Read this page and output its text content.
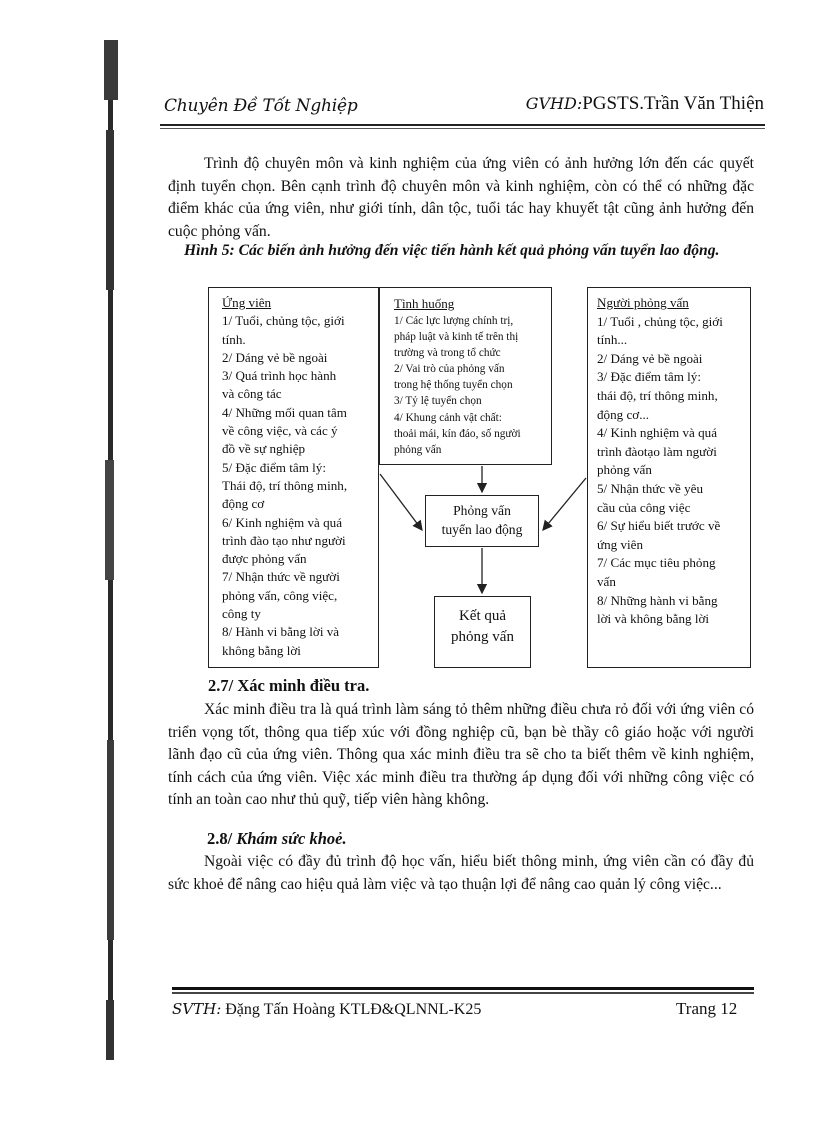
Chuyên Đề Tốt Nghiệp	GVHD:PGSTS.Trần Văn Thiện
Trình độ chuyên môn và kinh nghiệm của ứng viên có ảnh hưởng lớn đến các quyết định tuyển chọn. Bên cạnh trình độ chuyên môn và kinh nghiệm, còn có thể có những đặc điểm khác của ứng viên, như giới tính, dân tộc, tuổi tác hay khuyết tật cũng ảnh hưởng đến cuộc phỏng vấn.
Hình 5: Các biến ảnh hưởng đến việc tiến hành kết quả phỏng vấn tuyển lao động.
Ứng viên
1/ Tuổi, chủng tộc, giới
tính.
2/ Dáng vẻ bề ngoài
3/ Quá trình học hành
và công tác
4/ Những mối quan tâm
về công việc, và các ý
đồ về sự nghiệp
5/ Đặc điểm tâm lý:
Thái độ, trí thông minh,
động cơ
6/ Kinh nghiệm và quá
trình đào tạo như người
được phỏng vấn
7/ Nhận thức về người
phỏng vấn, công việc,
công ty
8/ Hành vi bằng lời và
không bằng lời
Tình huống
1/ Các lực lượng chính trị,
pháp luật và kinh tế trên thị
trường và trong tổ chức
2/ Vai trò của phỏng vấn
trong hệ thống tuyển chọn
3/ Tỷ lệ tuyển chọn
4/ Khung cảnh vật chất:
thoải mái, kín đáo, số người
phỏng vấn
Người phỏng vấn
1/ Tuổi , chủng tộc, giới
tính...
2/ Dáng vẻ bề ngoài
3/ Đặc điểm tâm lý:
thái độ, trí thông minh,
động cơ...
4/ Kinh nghiệm và quá
trình đàotạo làm người
phỏng vấn
5/ Nhận thức về yêu
cầu của công việc
6/ Sự hiểu biết trước về
ứng viên
7/ Các mục tiêu phỏng
vấn
8/ Những hành vi bằng
lời và không bằng lời
Phỏng vấn
tuyển lao động
Kết quả
phỏng vấn
2.7/ Xác minh điều tra.
Xác minh điều tra là quá trình làm sáng tỏ thêm những điều chưa rỏ đối với ứng viên có triển vọng tốt, thông qua tiếp xúc với đồng nghiệp cũ, bạn bè thầy cô giáo hoặc với người lãnh đạo cũ của ứng viên. Thông qua xác minh điều tra sẽ cho ta biết thêm về kinh nghiệm, tính cách của ứng viên. Việc xác minh điều tra thường áp dụng đối với những công việc có tính an toàn cao như thủ quỹ, tiếp viên hàng không.
2.8/ Khám sức khoẻ.
Ngoài việc có đầy đủ trình độ học vấn, hiểu biết thông minh, ứng viên cần có đầy đủ sức khoẻ để nâng cao hiệu quả làm việc và tạo thuận lợi để nâng cao quản lý công việc...
SVTH: Đặng Tấn Hoàng KTLĐ&QLNNL-K25	Trang 12
